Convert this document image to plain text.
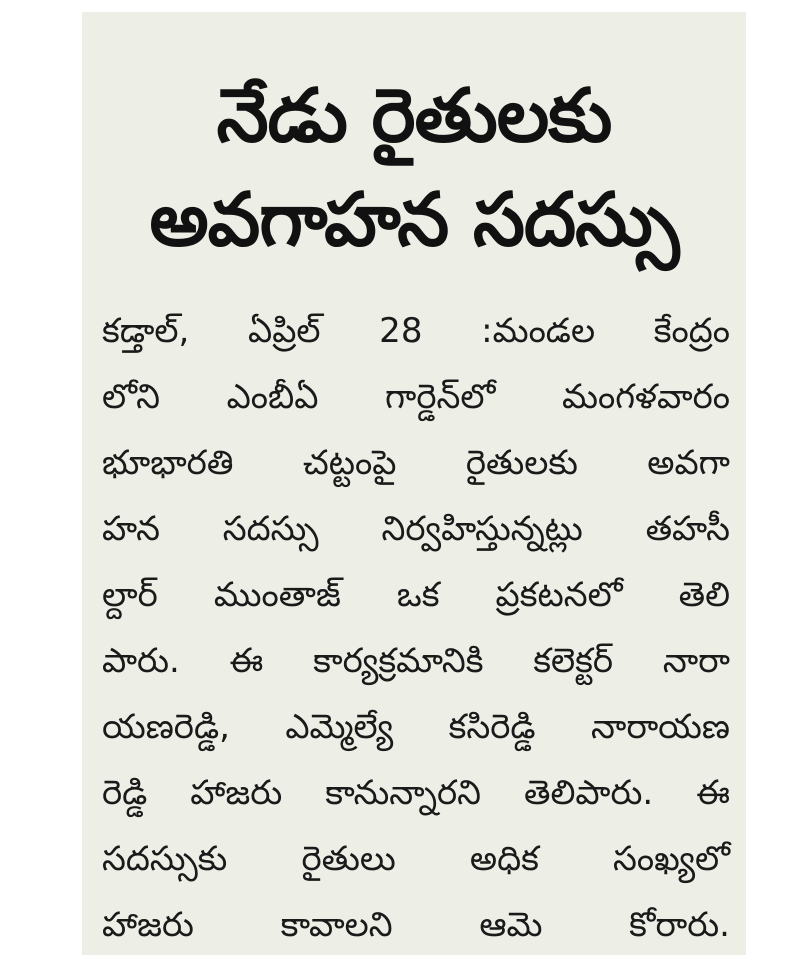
నేడు రైతులకు
అవగాహన సదస్సు
కడ్తాల్, ఏప్రిల్ 28 :మండల కేంద్రం
లోని ఎంబీఏ గార్డెన్‌లో మంగళవారం
భూభారతి చట్టంపై రైతులకు అవగా
హన సదస్సు నిర్వహిస్తున్నట్లు తహసీ
ల్దార్ ముంతాజ్ ఒక ప్రకటనలో తెలి
పారు. ఈ కార్యక్రమానికి కలెక్టర్ నారా
యణరెడ్డి, ఎమ్మెల్యే కసిరెడ్డి నారాయణ
రెడ్డి హాజరు కానున్నారని తెలిపారు. ఈ
సదస్సుకు రైతులు అధిక సంఖ్యలో
హాజరు కావాలని ఆమె కోరారు.
